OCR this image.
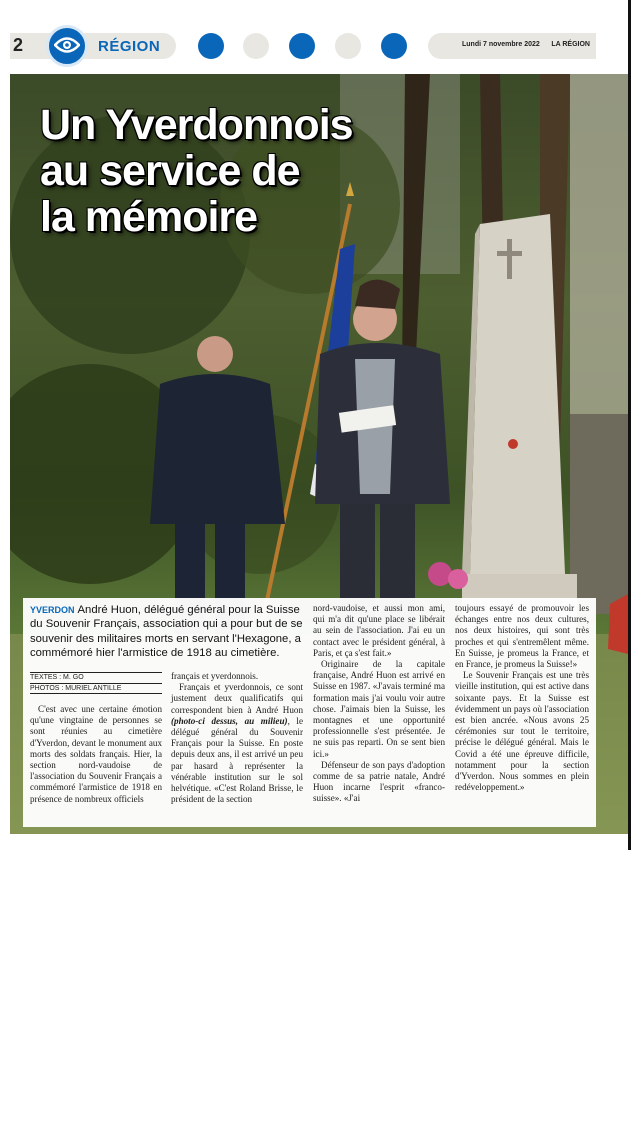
2	RÉGION	Lundi 7 novembre 2022 LA RÉGION
Un Yverdonnois
au service de
la mémoire
YVERDON André Huon, délégué général pour la Suisse du Souvenir Français, association qui a pour but de se souvenir des militaires morts en servant l'Hexagone, a commémoré hier l'armistice de 1918 au cimetière.
TEXTES : M. GO
PHOTOS : MURIEL ANTILLE

C'est avec une certaine émotion qu'une vingtaine de personnes se sont réunies au cimetière d'Yverdon, devant le monument aux morts des soldats français. Hier, la section nord-vaudoise de l'association du Souvenir Français a commémoré l'armistice de 1918 en présence de nombreux officiels

français et yverdonnois.

Français et yverdonnois, ce sont justement deux qualificatifs qui correspondent bien à André Huon (photo-ci dessus, au milieu), le délégué général du Souvenir Français pour la Suisse. En poste depuis deux ans, il est arrivé un peu par hasard à représenter la vénérable institution sur le sol helvétique. «C'est Roland Brisse, le président de la section

nord-vaudoise, et aussi mon ami, qui m'a dit qu'une place se libérait au sein de l'association. J'ai eu un contact avec le président général, à Paris, et ça s'est fait.»

Originaire de la capitale française, André Huon est arrivé en Suisse en 1987. «J'avais terminé ma formation mais j'ai voulu voir autre chose. J'aimais bien la Suisse, les montagnes et une opportunité professionnelle s'est présentée. Je ne suis pas reparti. On se sent bien ici.»

Défenseur de son pays d'adoption comme de sa patrie natale, André Huon incarne l'esprit «franco-suisse». «J'ai

toujours essayé de promouvoir les échanges entre nos deux cultures, nos deux histoires, qui sont très proches et qui s'entremêlent même. En Suisse, je promeus la France, et en France, je promeus la Suisse!»

Le Souvenir Français est une très vieille institution, qui est active dans soixante pays. Et la Suisse est évidemment un pays où l'association est bien ancrée. «Nous avons 25 cérémonies sur tout le territoire, précise le délégué général. Mais le Covid a été une épreuve difficile, notamment pour la section d'Yverdon. Nous sommes en plein redéveloppement.»
